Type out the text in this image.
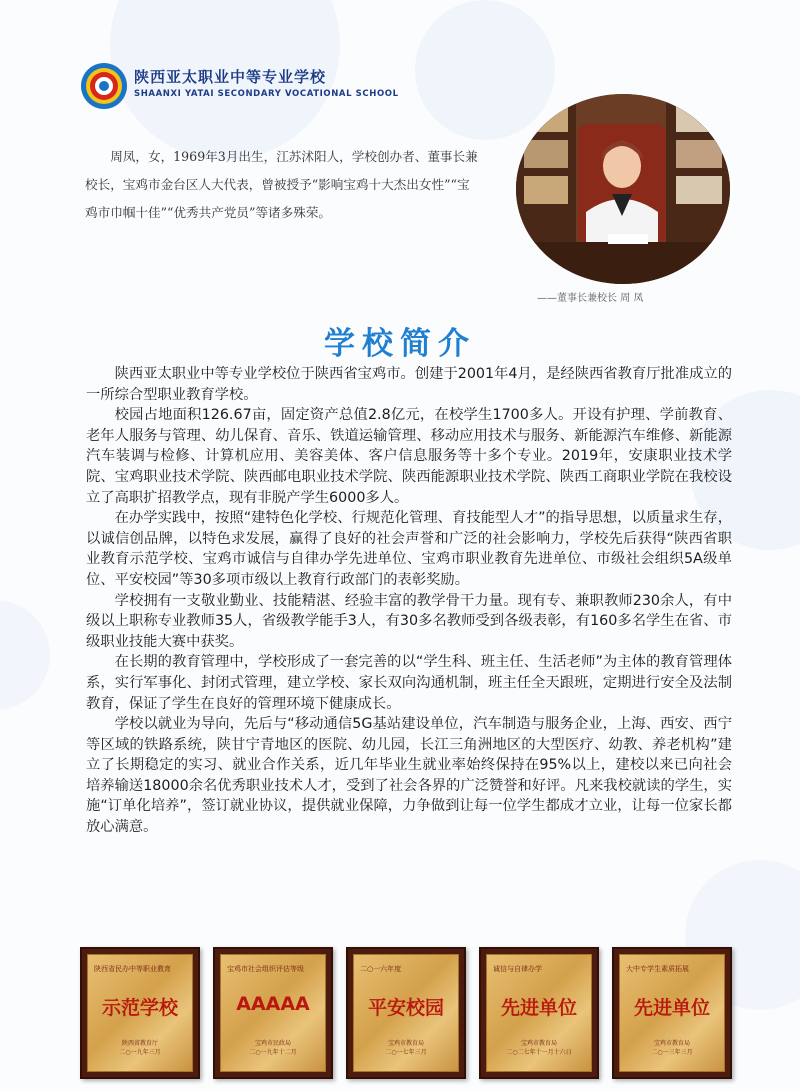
陕西亚太职业中等专业学校
SHAANXI YATAI SECONDARY VOCATIONAL SCHOOL
周凤，女，1969年3月出生，江苏沭阳人，学校创办者、董事长兼校长，宝鸡市金台区人大代表，曾被授予“影响宝鸡十大杰出女性”“宝鸡市巾帼十佳”“优秀共产党员”等诸多殊荣。
——董事长兼校长 周 凤
学校简介

陕西亚太职业中等专业学校位于陕西省宝鸡市。创建于2001年4月，是经陕西省教育厅批准成立的一所综合型职业教育学校。

校园占地面积126.67亩，固定资产总值2.8亿元，在校学生1700多人。开设有护理、学前教育、老年人服务与管理、幼儿保育、音乐、铁道运输管理、移动应用技术与服务、新能源汽车维修、新能源汽车装调与检修、计算机应用、美容美体、客户信息服务等十多个专业。2019年，安康职业技术学院、宝鸡职业技术学院、陕西邮电职业技术学院、陕西能源职业技术学院、陕西工商职业学院在我校设立了高职扩招教学点，现有非脱产学生6000多人。

在办学实践中，按照“建特色化学校、行规范化管理、育技能型人才”的指导思想，以质量求生存，以诚信创品牌，以特色求发展，赢得了良好的社会声誉和广泛的社会影响力，学校先后获得“陕西省职业教育示范学校、宝鸡市诚信与自律办学先进单位、宝鸡市职业教育先进单位、市级社会组织5A级单位、平安校园”等30多项市级以上教育行政部门的表彰奖励。

学校拥有一支敬业勤业、技能精湛、经验丰富的教学骨干力量。现有专、兼职教师230余人，有中级以上职称专业教师35人，省级教学能手3人，有30多名教师受到各级表彰，有160多名学生在省、市级职业技能大赛中获奖。

在长期的教育管理中，学校形成了一套完善的以“学生科、班主任、生活老师”为主体的教育管理体系，实行军事化、封闭式管理，建立学校、家长双向沟通机制，班主任全天跟班，定期进行安全及法制教育，保证了学生在良好的管理环境下健康成长。

学校以就业为导向，先后与“移动通信5G基站建设单位，汽车制造与服务企业，上海、西安、西宁等区域的铁路系统，陕甘宁青地区的医院、幼儿园，长江三角洲地区的大型医疗、幼教、养老机构”建立了长期稳定的实习、就业合作关系，近几年毕业生就业率始终保持在95%以上，建校以来已向社会培养输送18000余名优秀职业技术人才，受到了社会各界的广泛赞誉和好评。凡来我校就读的学生，实施“订单化培养”，签订就业协议，提供就业保障，力争做到让每一位学生都成才立业，让每一位家长都放心满意。

陕西省民办中等职业教育
示范学校
陕西省教育厅
二○一九年三月
宝鸡市社会组织评估等级
AAAAA
宝鸡市民政局
二○一九年十二月
二○一六年度
平安校园
宝鸡市教育局
二○一七年三月
诚信与自律办学
先进单位
宝鸡市教育局
二○二七年十一月十六日
大中专学生素质拓展
先进单位
宝鸡市教育局
二○一三年三月
